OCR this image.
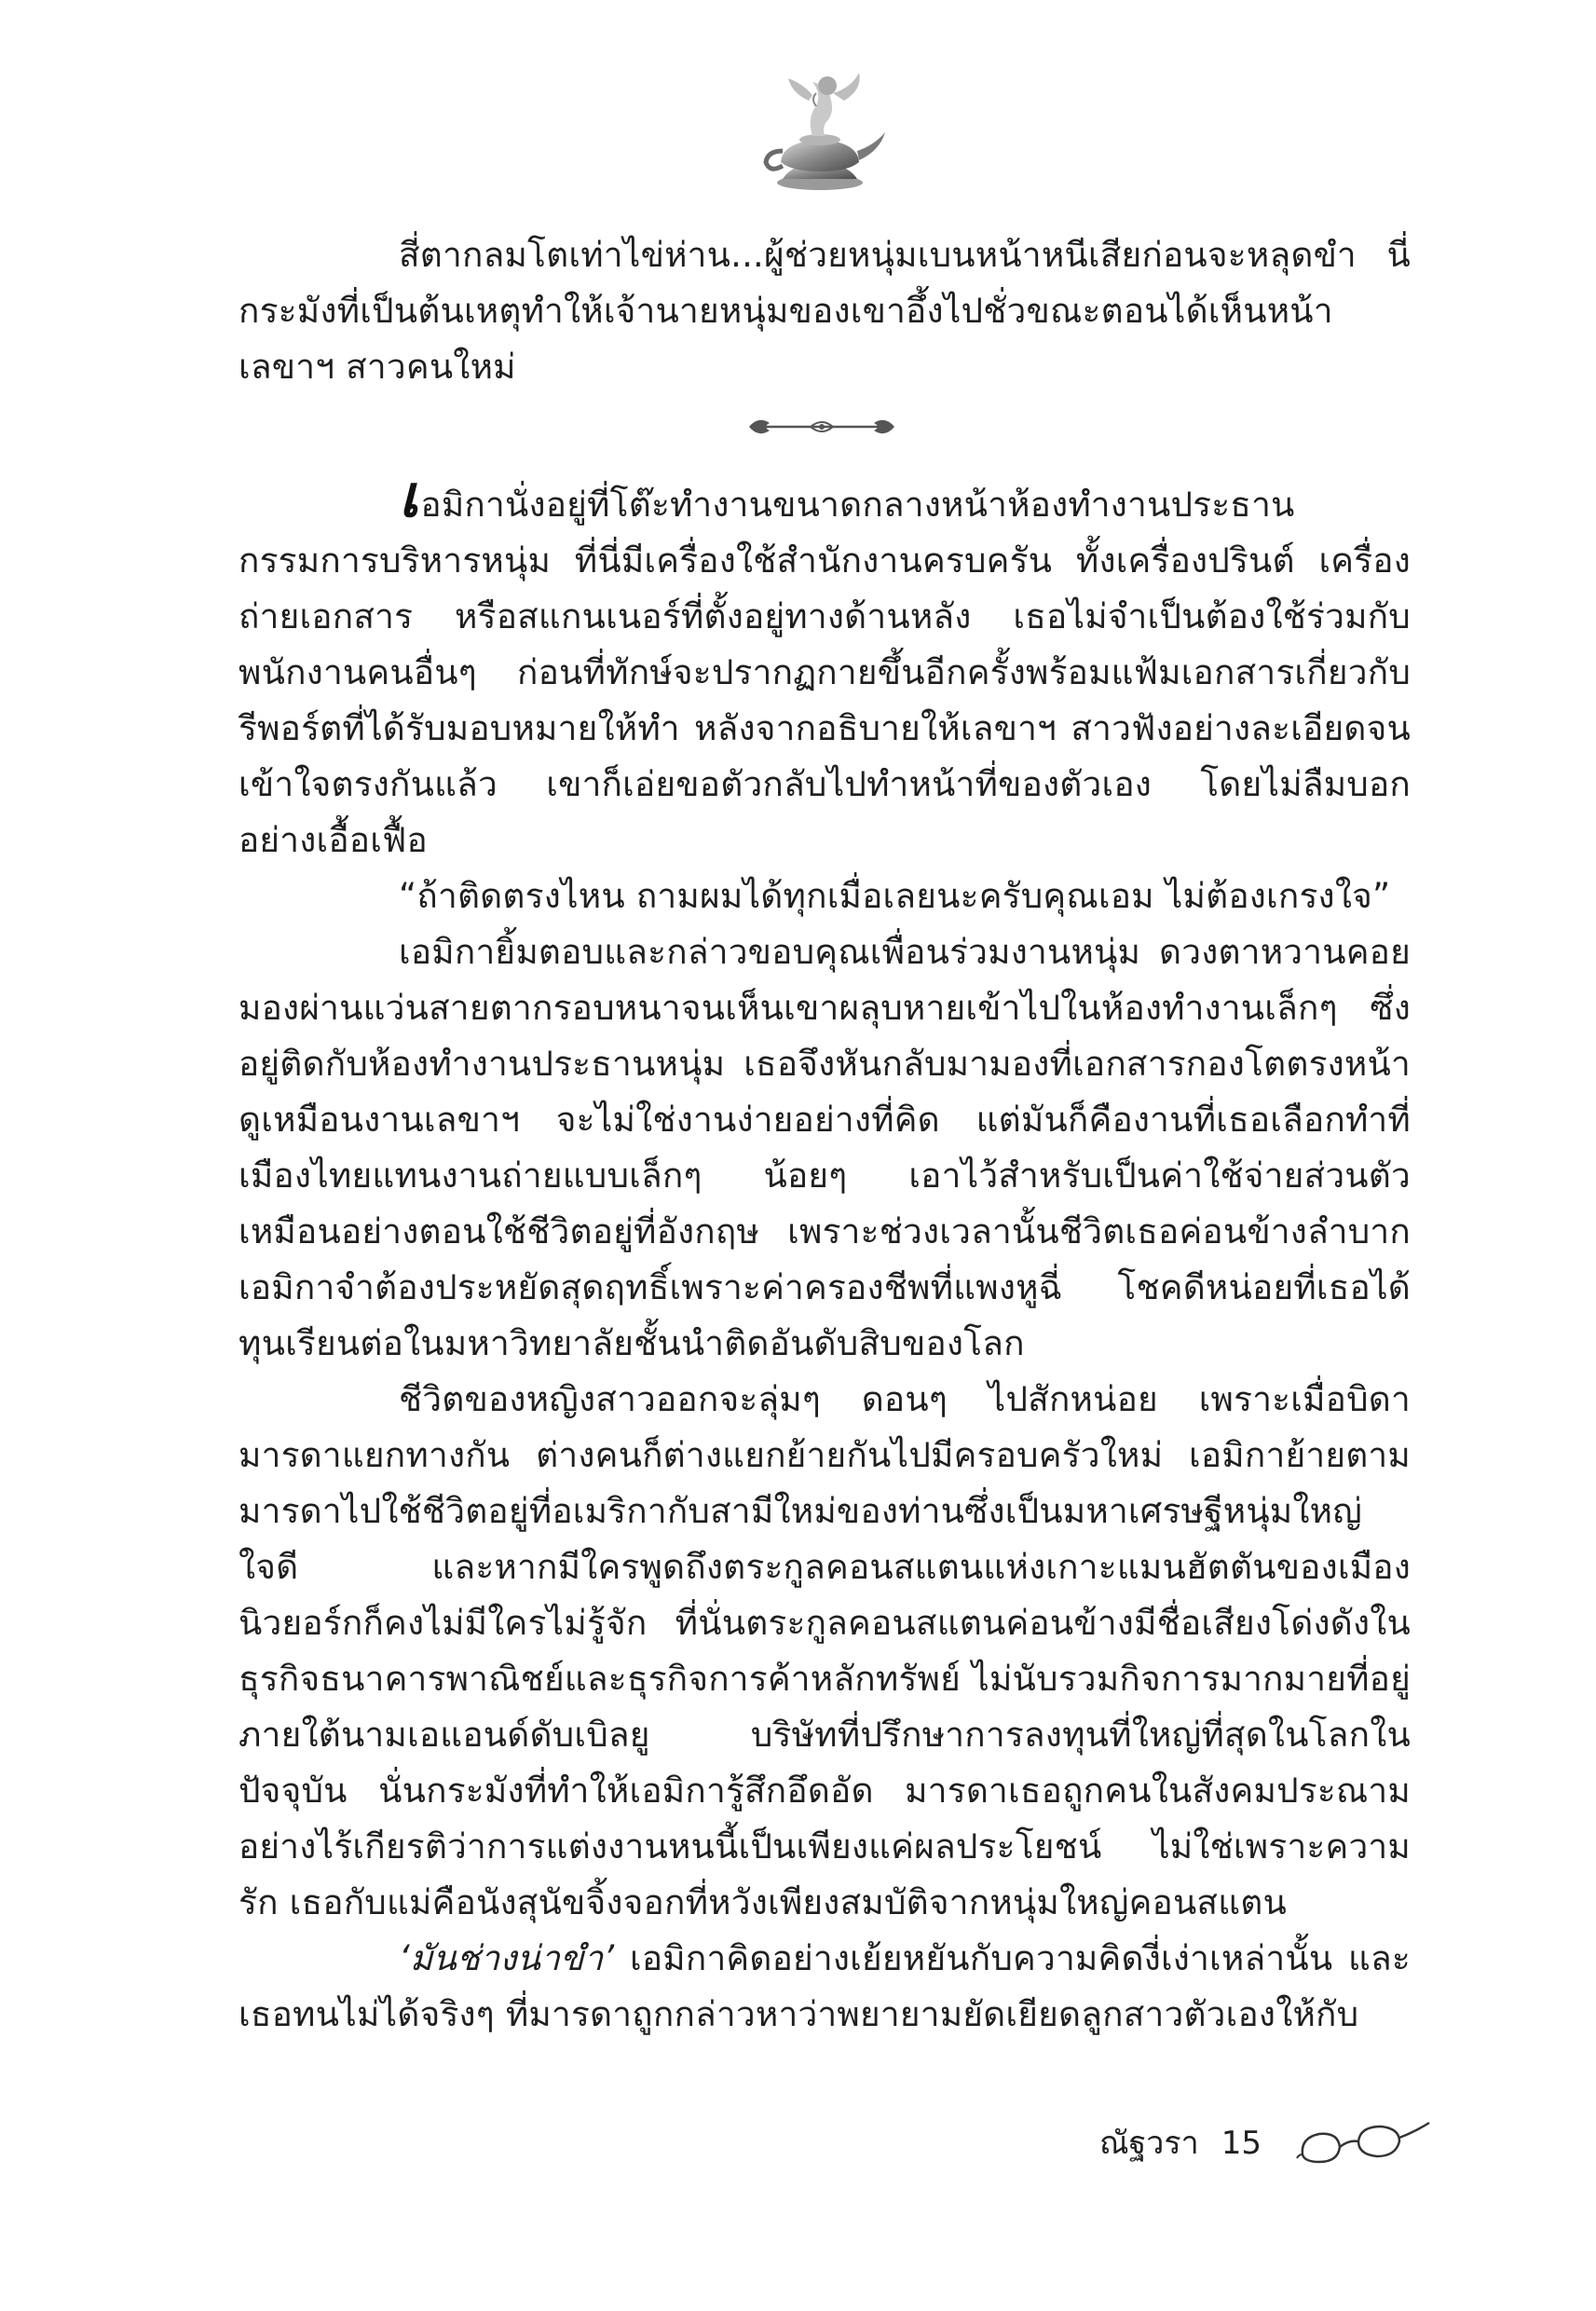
สี่ตากลมโตเท่าไข่ห่าน...ผู้ช่วยหนุ่มเบนหน้าหนีเสียก่อนจะหลุดขำ นี่กระมังที่เป็นต้นเหตุทำให้เจ้านายหนุ่มของเขาอึ้งไปชั่วขณะตอนได้เห็นหน้าเลขาฯ สาวคนใหม่

เอมิกานั่งอยู่ที่โต๊ะทำงานขนาดกลางหน้าห้องทำงานประธานกรรมการบริหารหนุ่ม ที่นี่มีเครื่องใช้สำนักงานครบครัน ทั้งเครื่องปรินต์ เครื่องถ่ายเอกสาร หรือสแกนเนอร์ที่ตั้งอยู่ทางด้านหลัง เธอไม่จำเป็นต้องใช้ร่วมกับพนักงานคนอื่นๆ ก่อนที่ทักษ์จะปรากฏกายขึ้นอีกครั้งพร้อมแฟ้มเอกสารเกี่ยวกับรีพอร์ตที่ได้รับมอบหมายให้ทำ หลังจากอธิบายให้เลขาฯ สาวฟังอย่างละเอียดจนเข้าใจตรงกันแล้ว เขาก็เอ่ยขอตัวกลับไปทำหน้าที่ของตัวเอง โดยไม่ลืมบอกอย่างเอื้อเฟื้อ

“ถ้าติดตรงไหน ถามผมได้ทุกเมื่อเลยนะครับคุณเอม ไม่ต้องเกรงใจ”

เอมิกายิ้มตอบและกล่าวขอบคุณเพื่อนร่วมงานหนุ่ม ดวงตาหวานคอยมองผ่านแว่นสายตากรอบหนาจนเห็นเขาผลุบหายเข้าไปในห้องทำงานเล็กๆ ซึ่งอยู่ติดกับห้องทำงานประธานหนุ่ม เธอจึงหันกลับมามองที่เอกสารกองโตตรงหน้า ดูเหมือนงานเลขาฯ จะไม่ใช่งานง่ายอย่างที่คิด แต่มันก็คืองานที่เธอเลือกทำที่เมืองไทยแทนงานถ่ายแบบเล็กๆ น้อยๆ เอาไว้สำหรับเป็นค่าใช้จ่ายส่วนตัวเหมือนอย่างตอนใช้ชีวิตอยู่ที่อังกฤษ เพราะช่วงเวลานั้นชีวิตเธอค่อนข้างลำบาก เอมิกาจำต้องประหยัดสุดฤทธิ์เพราะค่าครองชีพที่แพงหูฉี่ โชคดีหน่อยที่เธอได้ทุนเรียนต่อในมหาวิทยาลัยชั้นนำติดอันดับสิบของโลก

ชีวิตของหญิงสาวออกจะลุ่มๆ ดอนๆ ไปสักหน่อย เพราะเมื่อบิดามารดาแยกทางกัน ต่างคนก็ต่างแยกย้ายกันไปมีครอบครัวใหม่ เอมิกาย้ายตามมารดาไปใช้ชีวิตอยู่ที่อเมริกากับสามีใหม่ของท่านซึ่งเป็นมหาเศรษฐีหนุ่มใหญ่ใจดี และหากมีใครพูดถึงตระกูลคอนสแตนแห่งเกาะแมนฮัตตันของเมืองนิวยอร์กก็คงไม่มีใครไม่รู้จัก ที่นั่นตระกูลคอนสแตนค่อนข้างมีชื่อเสียงโด่งดังในธุรกิจธนาคารพาณิชย์และธุรกิจการค้าหลักทรัพย์ ไม่นับรวมกิจการมากมายที่อยู่ภายใต้นามเอแอนด์ดับเบิลยู บริษัทที่ปรึกษาการลงทุนที่ใหญ่ที่สุดในโลกในปัจจุบัน นั่นกระมังที่ทำให้เอมิการู้สึกอึดอัด มารดาเธอถูกคนในสังคมประณามอย่างไร้เกียรติว่าการแต่งงานหนนี้เป็นเพียงแค่ผลประโยชน์ ไม่ใช่เพราะความรัก เธอกับแม่คือนังสุนัขจิ้งจอกที่หวังเพียงสมบัติจากหนุ่มใหญ่คอนสแตน

‘มันช่างน่าขำ’ เอมิกาคิดอย่างเย้ยหยันกับความคิดงี่เง่าเหล่านั้น และเธอทนไม่ได้จริงๆ ที่มารดาถูกกล่าวหาว่าพยายามยัดเยียดลูกสาวตัวเองให้กับ

ณัฐวรา 15
